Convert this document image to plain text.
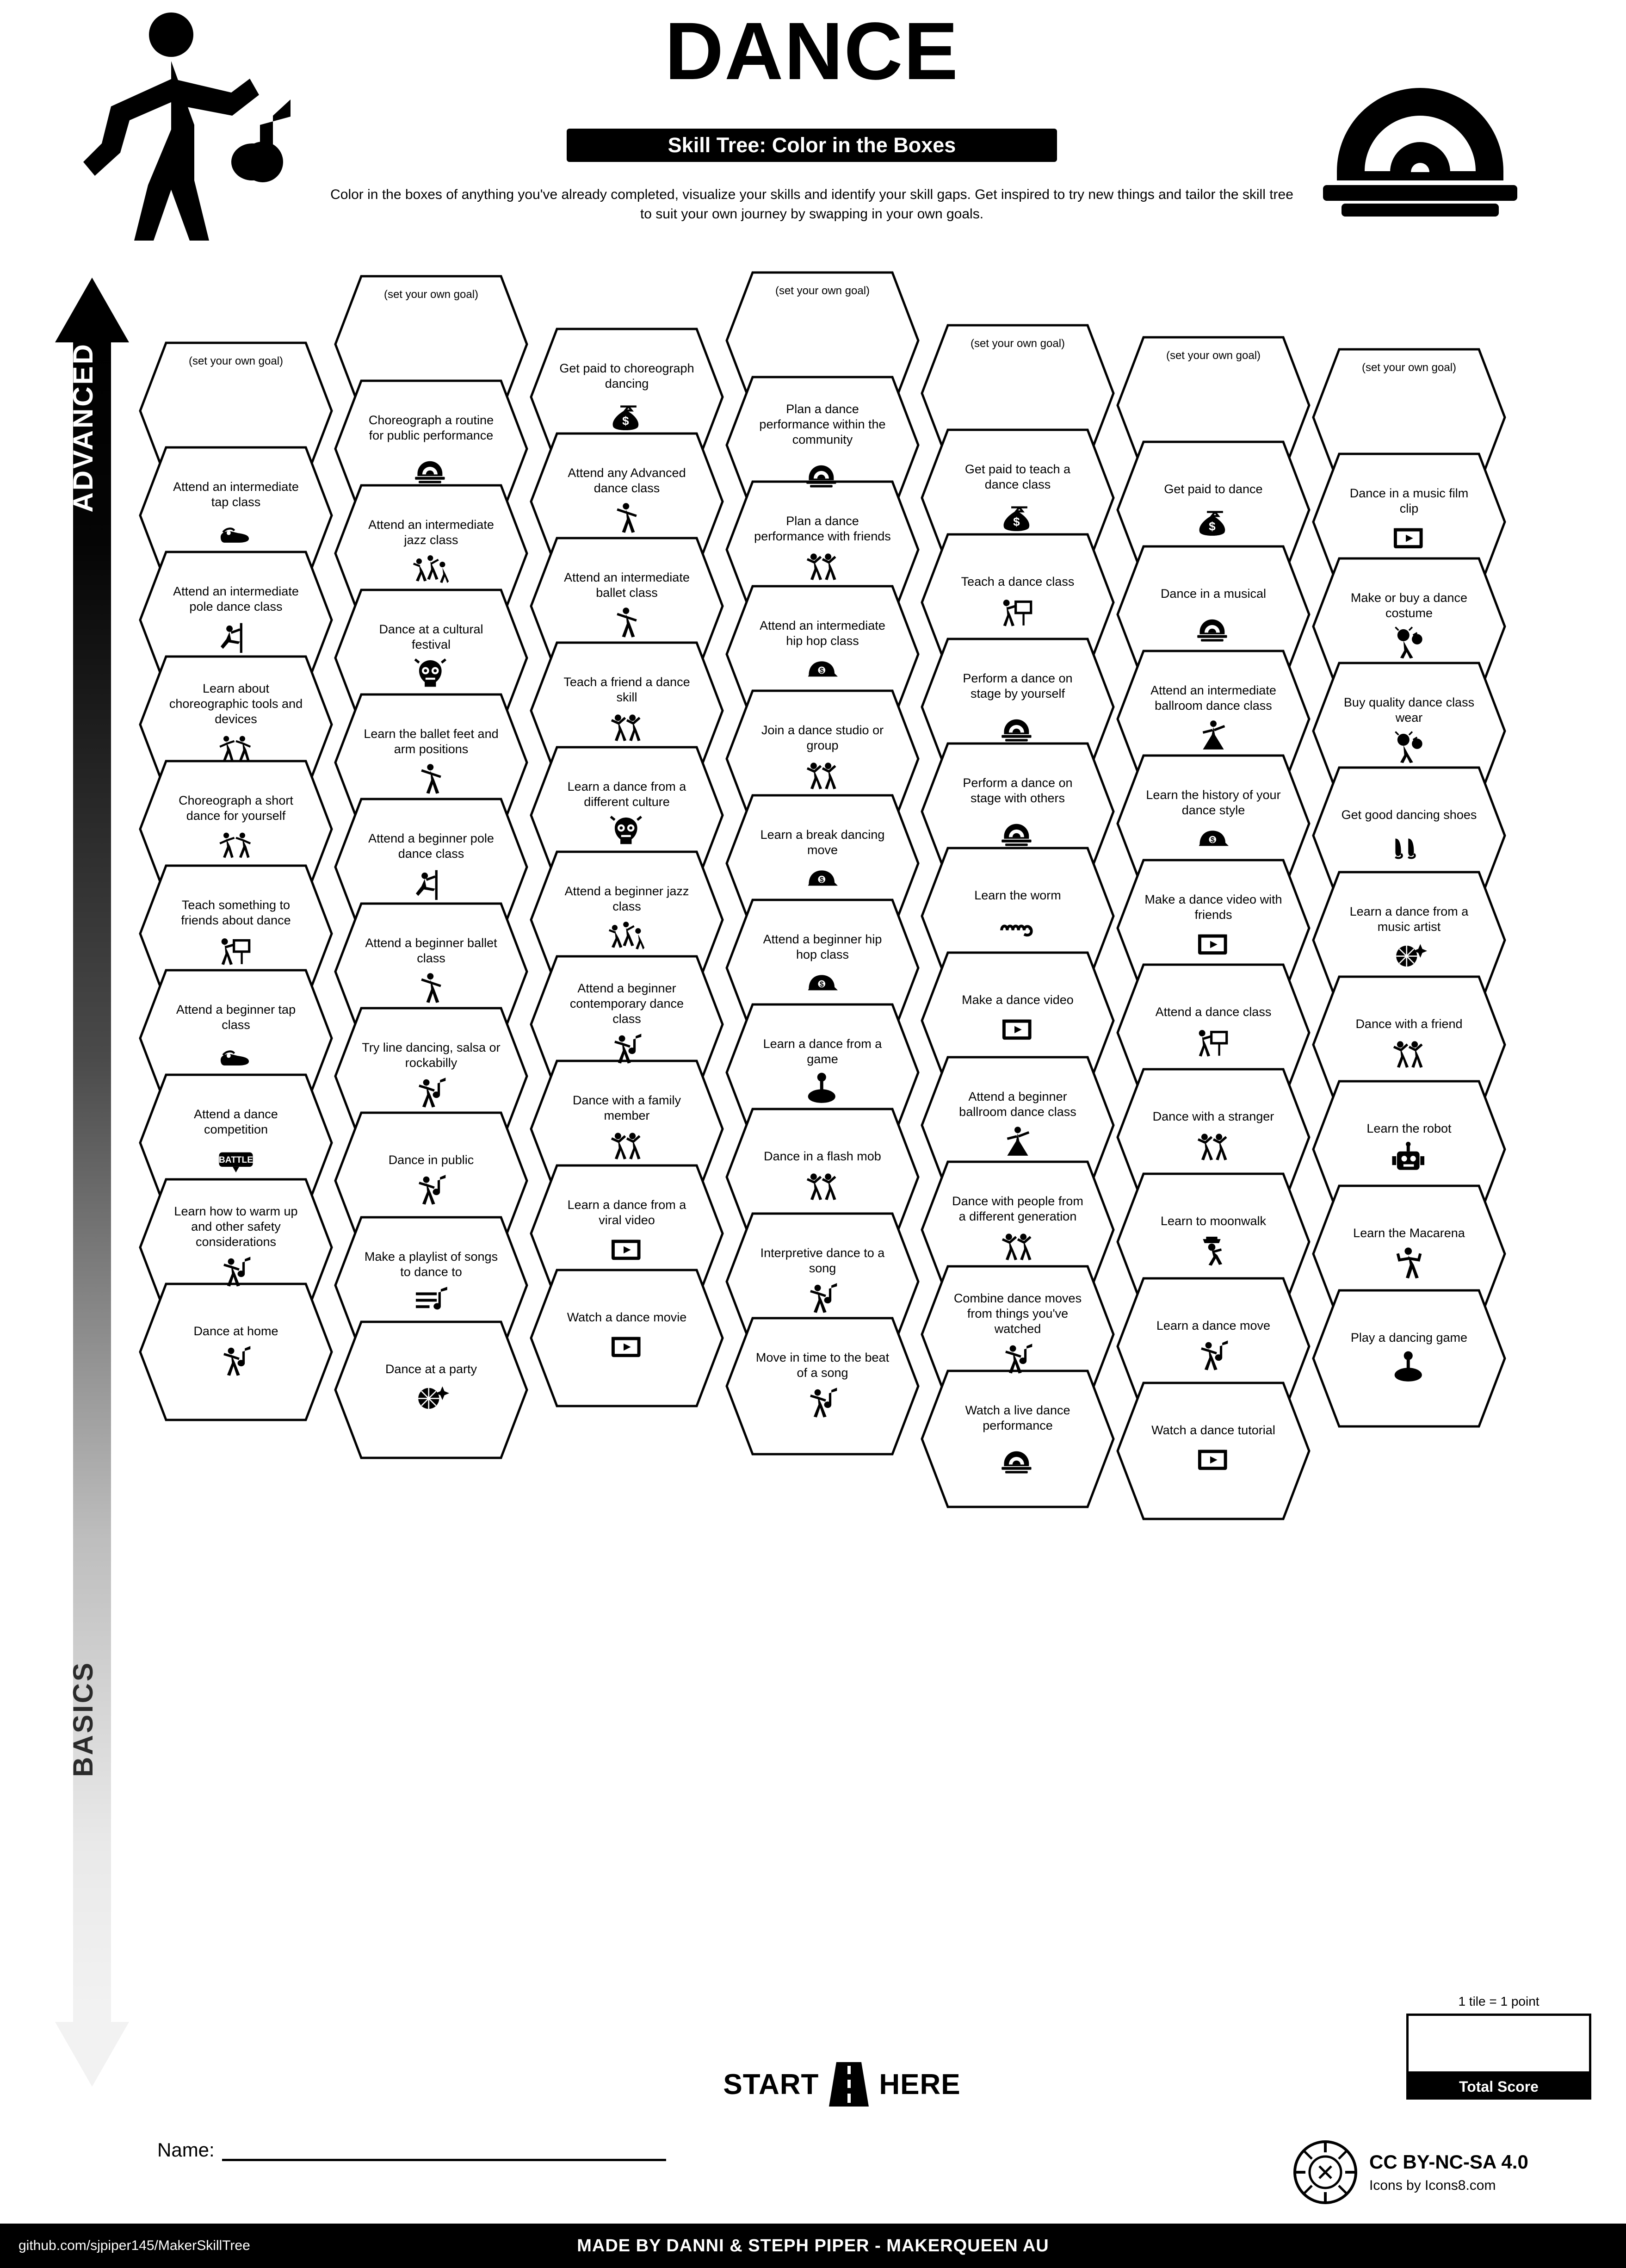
DANCE
Skill Tree: Color in the Boxes
Color in the boxes of anything you've already completed, visualize your skills and identify your skill gaps. Get inspired to try new things and tailor the skill tree to suit your own journey by swapping in your own goals.
ADVANCED
BASICS
(set your own goal)
Attend an intermediate tap class
Attend an intermediate pole dance class
Learn about choreographic tools and devices
Choreograph a short dance for yourself
Teach something to friends about dance
Attend a beginner tap class
Attend a dance competition
BATTLE
Learn how to warm up and other safety considerations
Dance at home
(set your own goal)
Choreograph a routine for public performance
Attend an intermediate jazz class
Dance at a cultural festival
Learn the ballet feet and arm positions
Attend a beginner pole dance class
Attend a beginner ballet class
Try line dancing, salsa or rockabilly
Dance in public
Make a playlist of songs to dance to
Dance at a party
Get paid to choreograph dancing
$
Attend any Advanced dance class
Attend an intermediate ballet class
Teach a friend a dance skill
Learn a dance from a different culture
Attend a beginner jazz class
Attend a beginner contemporary dance class
Dance with a family member
Learn a dance from a viral video
Watch a dance movie
(set your own goal)
Plan a dance performance within the community
Plan a dance performance with friends
Attend an intermediate hip hop class
$
Join a dance studio or group
Learn a break dancing move
$
Attend a beginner hip hop class
$
Learn a dance from a game
Dance in a flash mob
Interpretive dance to a song
Move in time to the beat of a song
(set your own goal)
Get paid to teach a dance class
$
Teach a dance class
Perform a dance on stage by yourself
Perform a dance on stage with others
Learn the worm
Make a dance video
Attend a beginner ballroom dance class
Dance with people from a different generation
Combine dance moves from things you've watched
Watch a live dance performance
(set your own goal)
Get paid to dance
$
Dance in a musical
Attend an intermediate ballroom dance class
Learn the history of your dance style
$
Make a dance video with friends
Attend a dance class
Dance with a stranger
Learn to moonwalk
Learn a dance move
Watch a dance tutorial
(set your own goal)
Dance in a music film clip
Make or buy a dance costume
Buy quality dance class wear
Get good dancing shoes
Learn a dance from a music artist
Dance with a friend
Learn the robot
Learn the Macarena
Play a dancing game
START HERE
1 tile = 1 point
Total Score
Name:
CC BY-NC-SA 4.0
Icons by Icons8.com
MADE BY DANNI & STEPH PIPER - MAKERQUEEN AU
github.com/sjpiper145/MakerSkillTree
